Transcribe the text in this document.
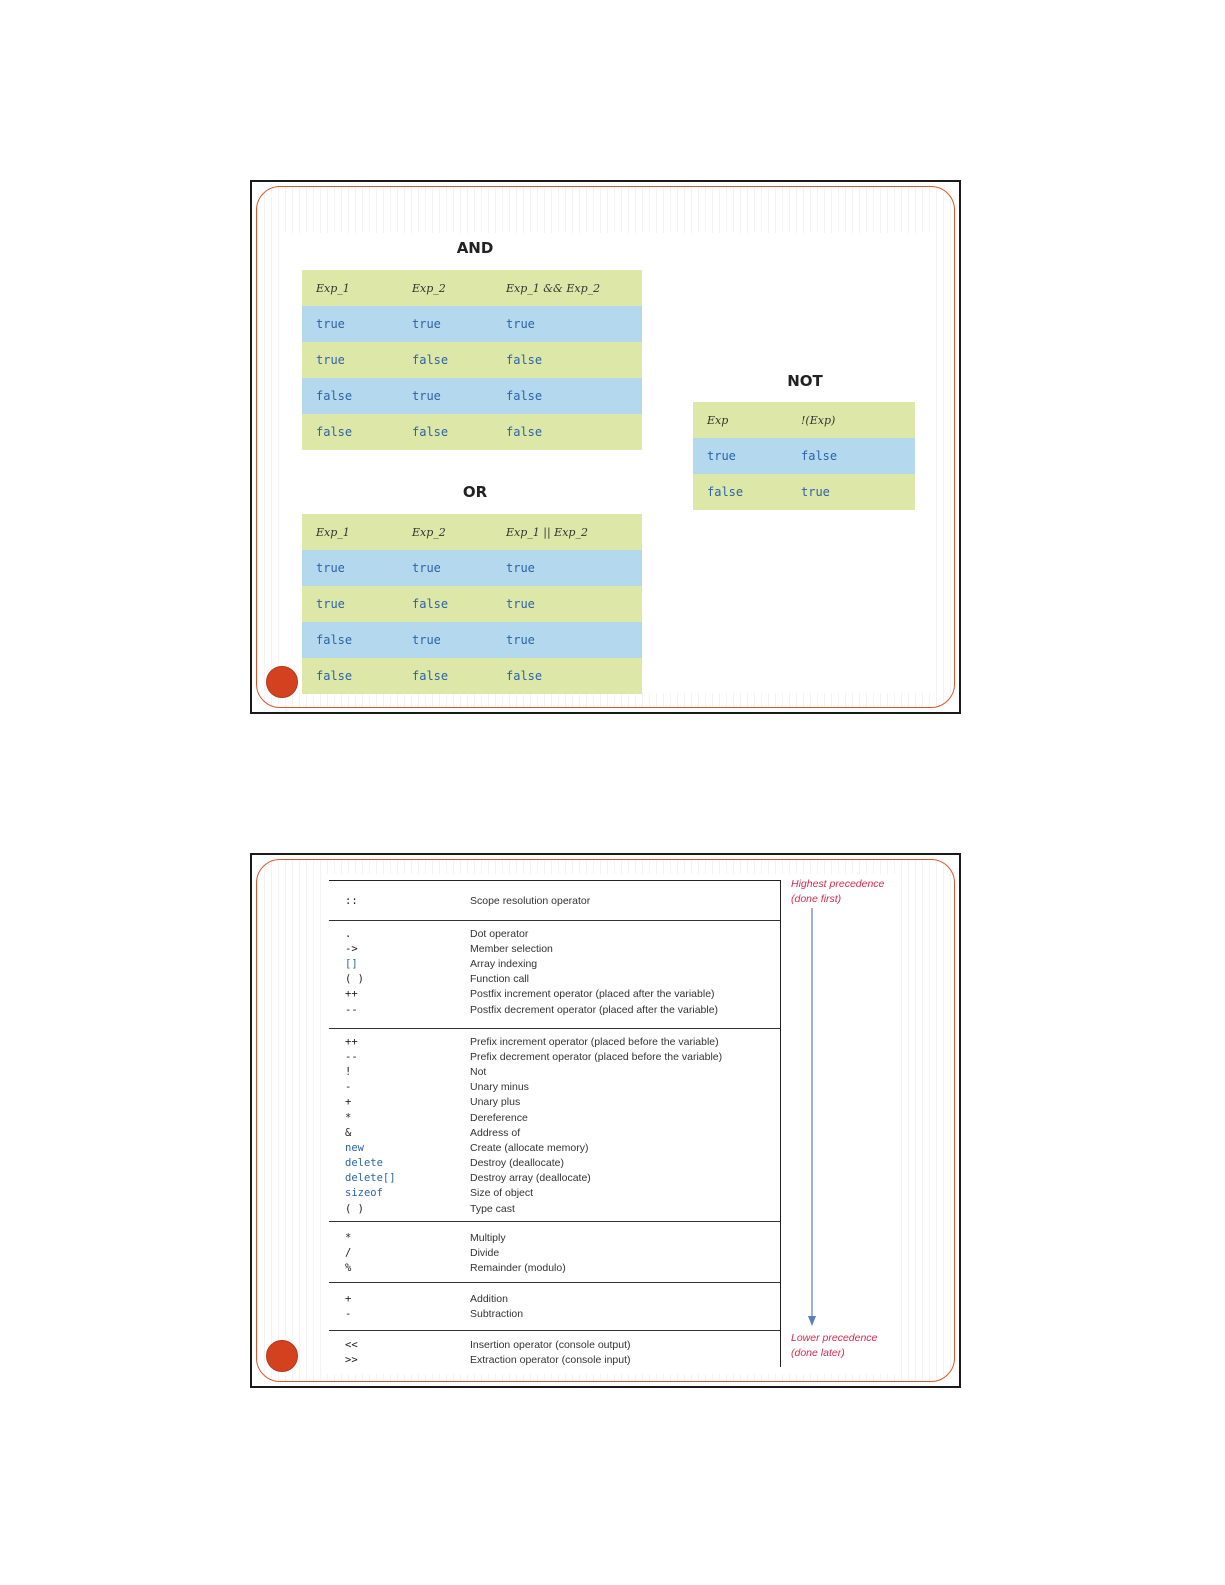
AND
Exp_1	Exp_2	Exp_1 && Exp_2
true	true	true
true	false	false
false	true	false
false	false	false
OR
Exp_1	Exp_2	Exp_1 || Exp_2
true	true	true
true	false	true
false	true	true
false	false	false
NOT
Exp	!(Exp)
true	false
false	true
::	Scope resolution operator
.	Dot operator
->	Member selection
[]	Array indexing
( )	Function call
++	Postfix increment operator (placed after the variable)
--	Postfix decrement operator (placed after the variable)
++	Prefix increment operator (placed before the variable)
--	Prefix decrement operator (placed before the variable)
!	Not
-	Unary minus
+	Unary plus
*	Dereference
&	Address of
new	Create (allocate memory)
delete	Destroy (deallocate)
delete[]	Destroy array (deallocate)
sizeof	Size of object
( )	Type cast
*	Multiply
/	Divide
%	Remainder (modulo)
+	Addition
-	Subtraction
<<	Insertion operator (console output)
>>	Extraction operator (console input)
Highest precedence
(done first)
Lower precedence
(done later)
